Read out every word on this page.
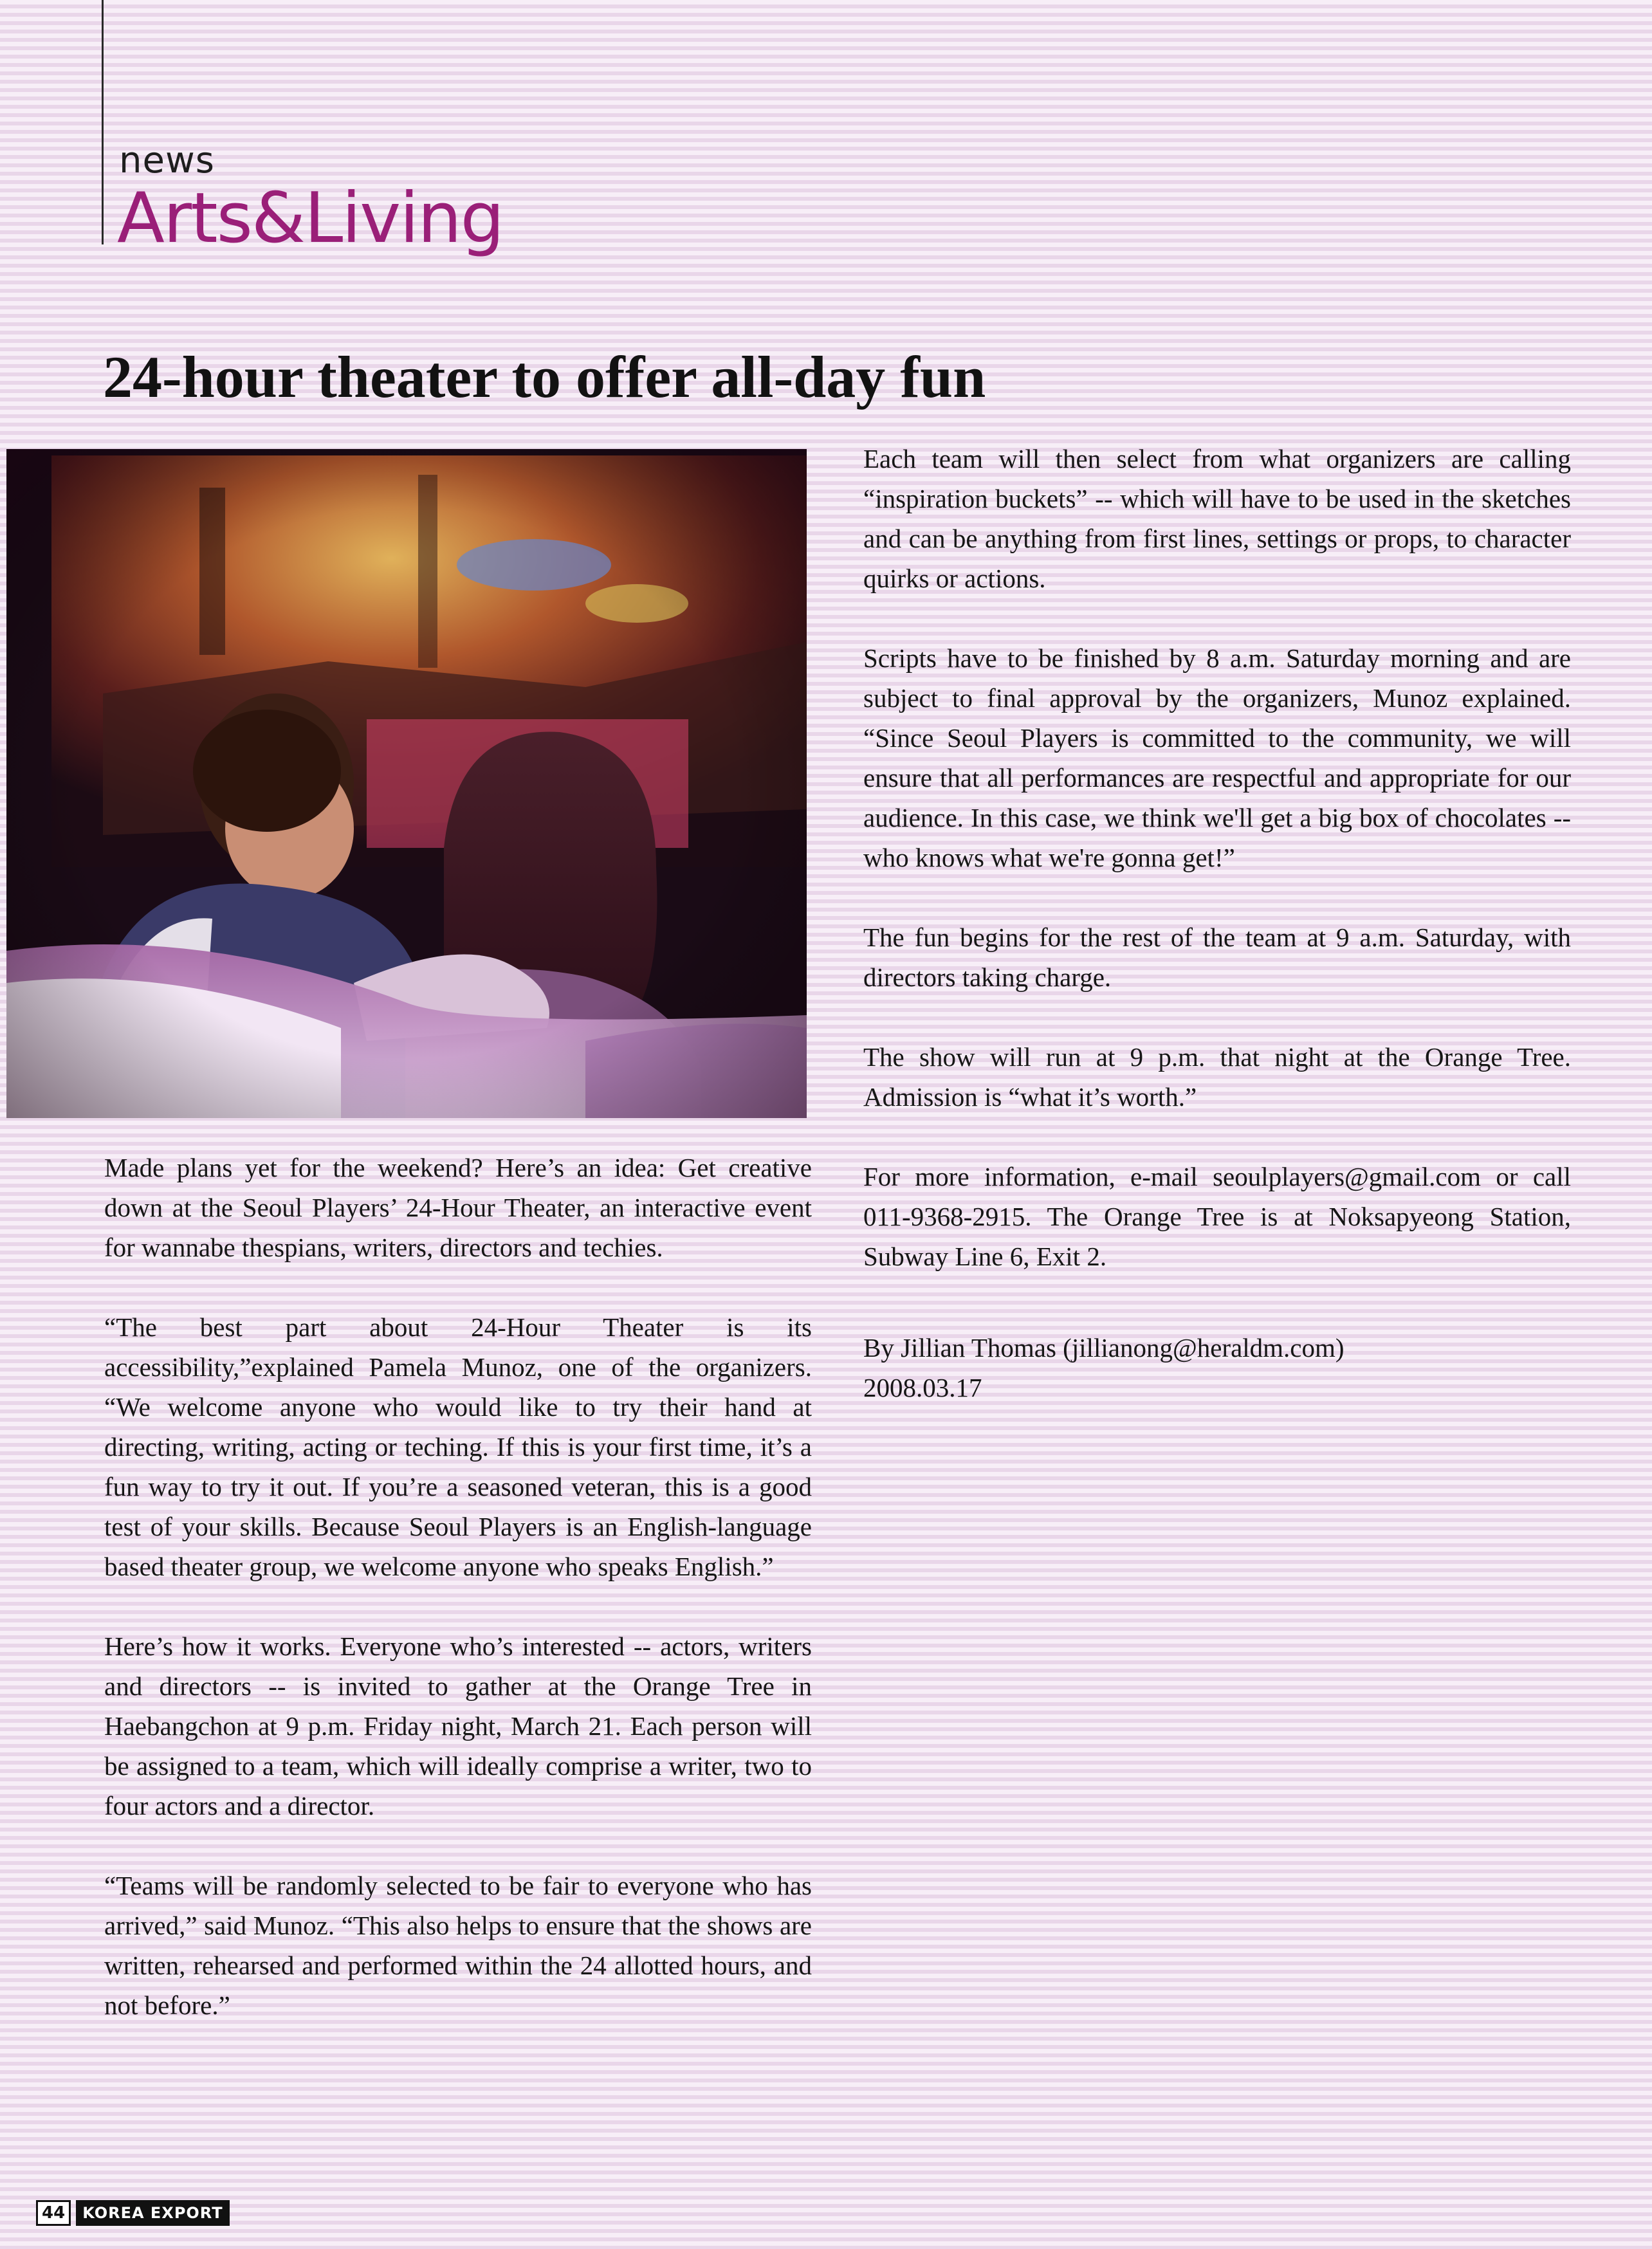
news
Arts&Living
24-hour theater to offer all-day fun

Made plans yet for the weekend? Here’s an idea: Get creative down at the Seoul Players’ 24-Hour Theater, an interactive event for wannabe thespians, writers, directors and techies.

“The best part about 24-Hour Theater is its accessibility,”explained Pamela Munoz, one of the organizers. “We welcome anyone who would like to try their hand at directing, writing, acting or teching. If this is your first time, it’s a fun way to try it out. If you’re a seasoned veteran, this is a good test of your skills. Because Seoul Players is an English-language based theater group, we welcome anyone who speaks English.”

Here’s how it works. Everyone who’s interested -- actors, writers and directors -- is invited to gather at the Orange Tree in Haebangchon at 9 p.m. Friday night, March 21. Each person will be assigned to a team, which will ideally comprise a writer, two to four actors and a director.

“Teams will be randomly selected to be fair to everyone who has arrived,” said Munoz. “This also helps to ensure that the shows are written, rehearsed and performed within the 24 allotted hours, and not before.”

Each team will then select from what organizers are calling “inspiration buckets” -- which will have to be used in the sketches and can be anything from first lines, settings or props, to character quirks or actions.

Scripts have to be finished by 8 a.m. Saturday morning and are subject to final approval by the organizers, Munoz explained. “Since Seoul Players is committed to the community, we will ensure that all performances are respectful and appropriate for our audience. In this case, we think we'll get a big box of chocolates -- who knows what we're gonna get!”

The fun begins for the rest of the team at 9 a.m. Saturday, with directors taking charge.

The show will run at 9 p.m. that night at the Orange Tree. Admission is “what it’s worth.”

For more information, e-mail seoulplayers@gmail.com or call 011-9368-2915. The Orange Tree is at Noksapyeong Station, Subway Line 6, Exit 2.

By Jillian Thomas (jillianong@heraldm.com)
2008.03.17
44	KOREA EXPORT
